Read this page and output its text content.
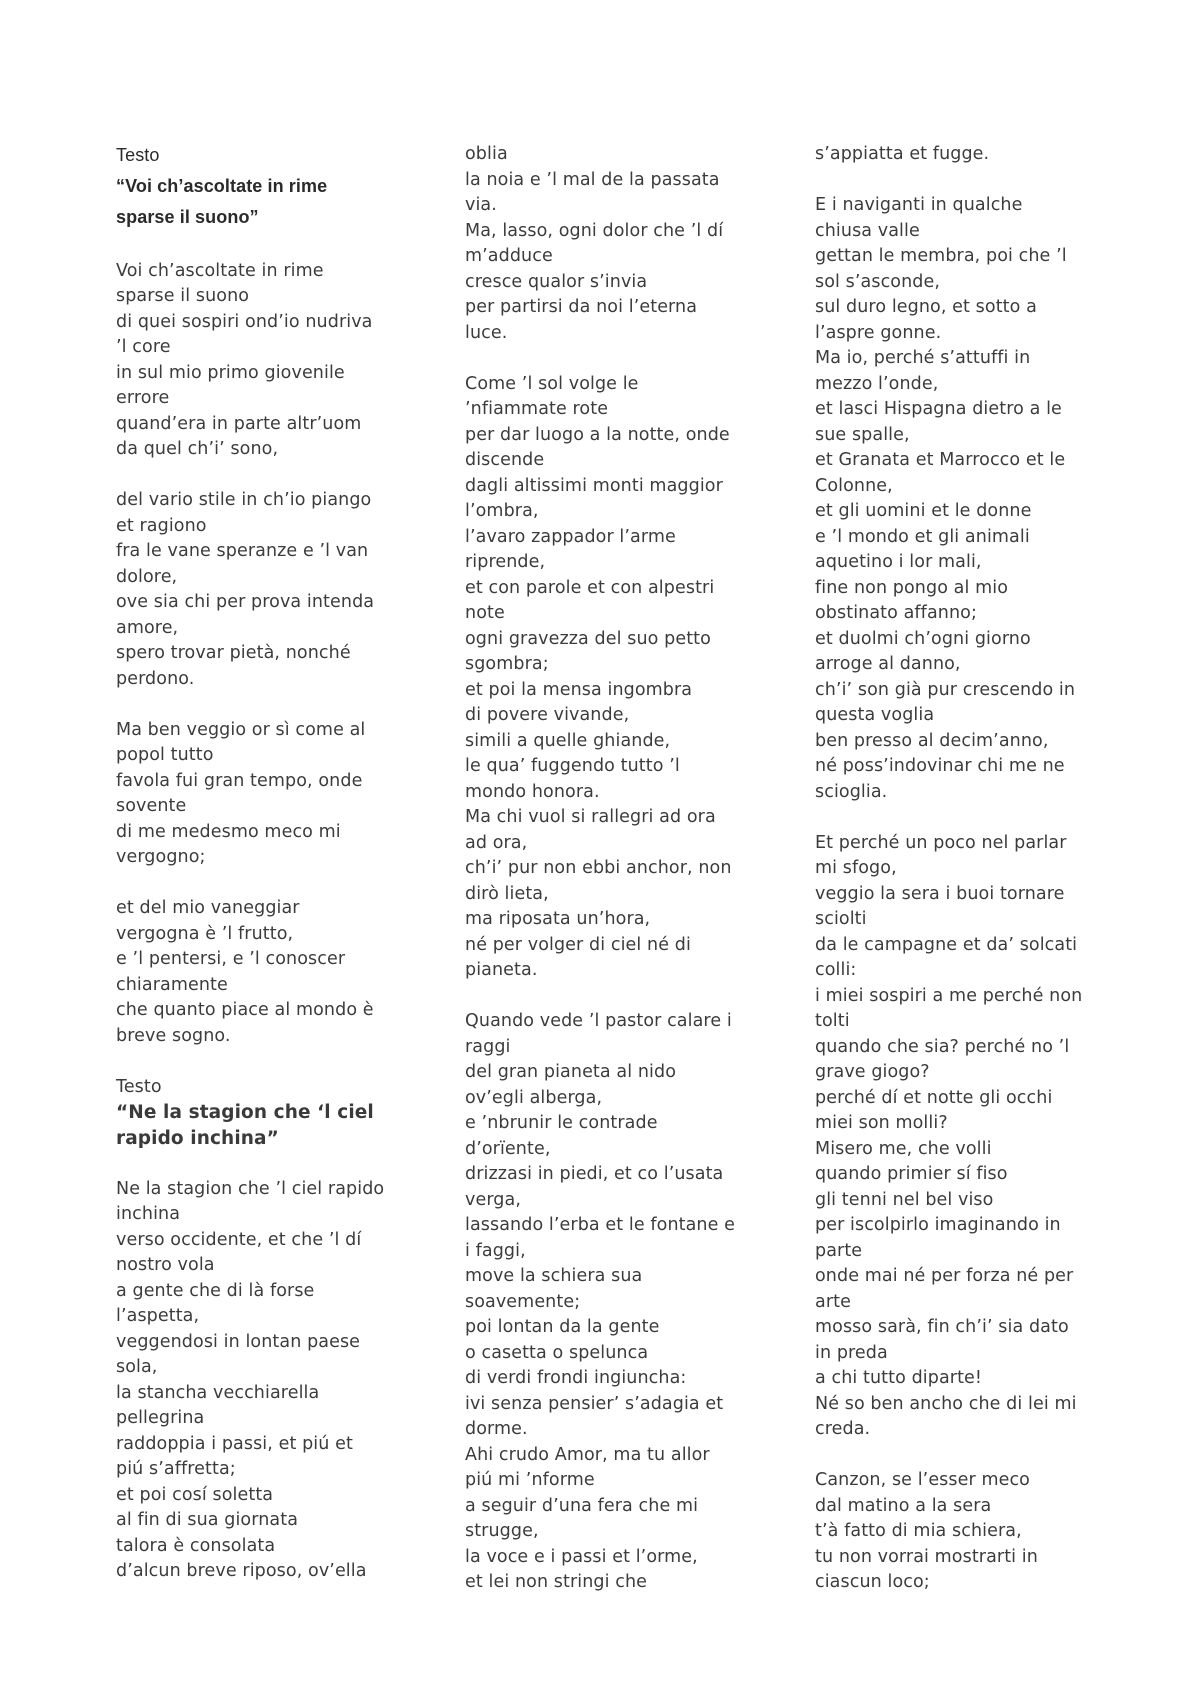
Testo
“Voi ch’ascoltate in rime
sparse il suono”
Voi ch’ascoltate in rime
sparse il suono
di quei sospiri ond’io nudriva
’l core
in sul mio primo giovenile
errore
quand’era in parte altr’uom
da quel ch’i’ sono,
del vario stile in ch’io piango
et ragiono
fra le vane speranze e ’l van
dolore,
ove sia chi per prova intenda
amore,
spero trovar pietà, nonché
perdono.
Ma ben veggio or sì come al
popol tutto
favola fui gran tempo, onde
sovente
di me medesmo meco mi
vergogno;
et del mio vaneggiar
vergogna è ’l frutto,
e ’l pentersi, e ’l conoscer
chiaramente
che quanto piace al mondo è
breve sogno.
Testo
“Ne la stagion che ‘l ciel
rapido inchina”
Ne la stagion che ’l ciel rapido
inchina
verso occidente, et che ’l dí
nostro vola
a gente che di là forse
l’aspetta,
veggendosi in lontan paese
sola,
la stancha vecchiarella
pellegrina
raddoppia i passi, et piú et
piú s’affretta;
et poi cosí soletta
al fin di sua giornata
talora è consolata
d’alcun breve riposo, ov’ella
oblia
la noia e ’l mal de la passata
via.
Ma, lasso, ogni dolor che ’l dí
m’adduce
cresce qualor s’invia
per partirsi da noi l’eterna
luce.
Come ’l sol volge le
’nfiammate rote
per dar luogo a la notte, onde
discende
dagli altissimi monti maggior
l’ombra,
l’avaro zappador l’arme
riprende,
et con parole et con alpestri
note
ogni gravezza del suo petto
sgombra;
et poi la mensa ingombra
di povere vivande,
simili a quelle ghiande,
le qua’ fuggendo tutto ’l
mondo honora.
Ma chi vuol si rallegri ad ora
ad ora,
ch’i’ pur non ebbi anchor, non
dirò lieta,
ma riposata un’hora,
né per volger di ciel né di
pianeta.
Quando vede ’l pastor calare i
raggi
del gran pianeta al nido
ov’egli alberga,
e ’nbrunir le contrade
d’orïente,
drizzasi in piedi, et co l’usata
verga,
lassando l’erba et le fontane e
i faggi,
move la schiera sua
soavemente;
poi lontan da la gente
o casetta o spelunca
di verdi frondi ingiuncha:
ivi senza pensier’ s’adagia et
dorme.
Ahi crudo Amor, ma tu allor
piú mi ’nforme
a seguir d’una fera che mi
strugge,
la voce e i passi et l’orme,
et lei non stringi che
s’appiatta et fugge.
E i naviganti in qualche
chiusa valle
gettan le membra, poi che ’l
sol s’asconde,
sul duro legno, et sotto a
l’aspre gonne.
Ma io, perché s’attuffi in
mezzo l’onde,
et lasci Hispagna dietro a le
sue spalle,
et Granata et Marrocco et le
Colonne,
et gli uomini et le donne
e ’l mondo et gli animali
aquetino i lor mali,
fine non pongo al mio
obstinato affanno;
et duolmi ch’ogni giorno
arroge al danno,
ch’i’ son già pur crescendo in
questa voglia
ben presso al decim’anno,
né poss’indovinar chi me ne
scioglia.
Et perché un poco nel parlar
mi sfogo,
veggio la sera i buoi tornare
sciolti
da le campagne et da’ solcati
colli:
i miei sospiri a me perché non
tolti
quando che sia? perché no ’l
grave giogo?
perché dí et notte gli occhi
miei son molli?
Misero me, che volli
quando primier sí fiso
gli tenni nel bel viso
per iscolpirlo imaginando in
parte
onde mai né per forza né per
arte
mosso sarà, fin ch’i’ sia dato
in preda
a chi tutto diparte!
Né so ben ancho che di lei mi
creda.
Canzon, se l’esser meco
dal matino a la sera
t’à fatto di mia schiera,
tu non vorrai mostrarti in
ciascun loco;
